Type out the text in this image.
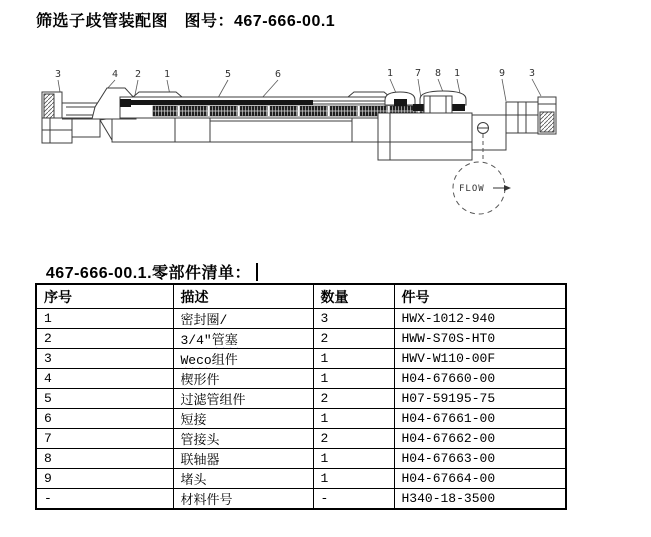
筛选子歧管装配图　图号：467-666-00.1
3	4 2 1	5	6	1 7 8 1	9 3
FLOW

467-666-00.1.零部件清单：

序号	描述	数量	件号
1	密封圈/	3	HWX-1012-940
2	3/4"管塞	2	HWW-S70S-HT0
3	Weco组件	1	HWV-W110-00F
4	楔形件	1	H04-67660-00
5	过滤管组件	2	H07-59195-75
6	短接	1	H04-67661-00
7	管接头	2	H04-67662-00
8	联轴器	1	H04-67663-00
9	堵头	1	H04-67664-00
-	材料件号	-	H340-18-3500
